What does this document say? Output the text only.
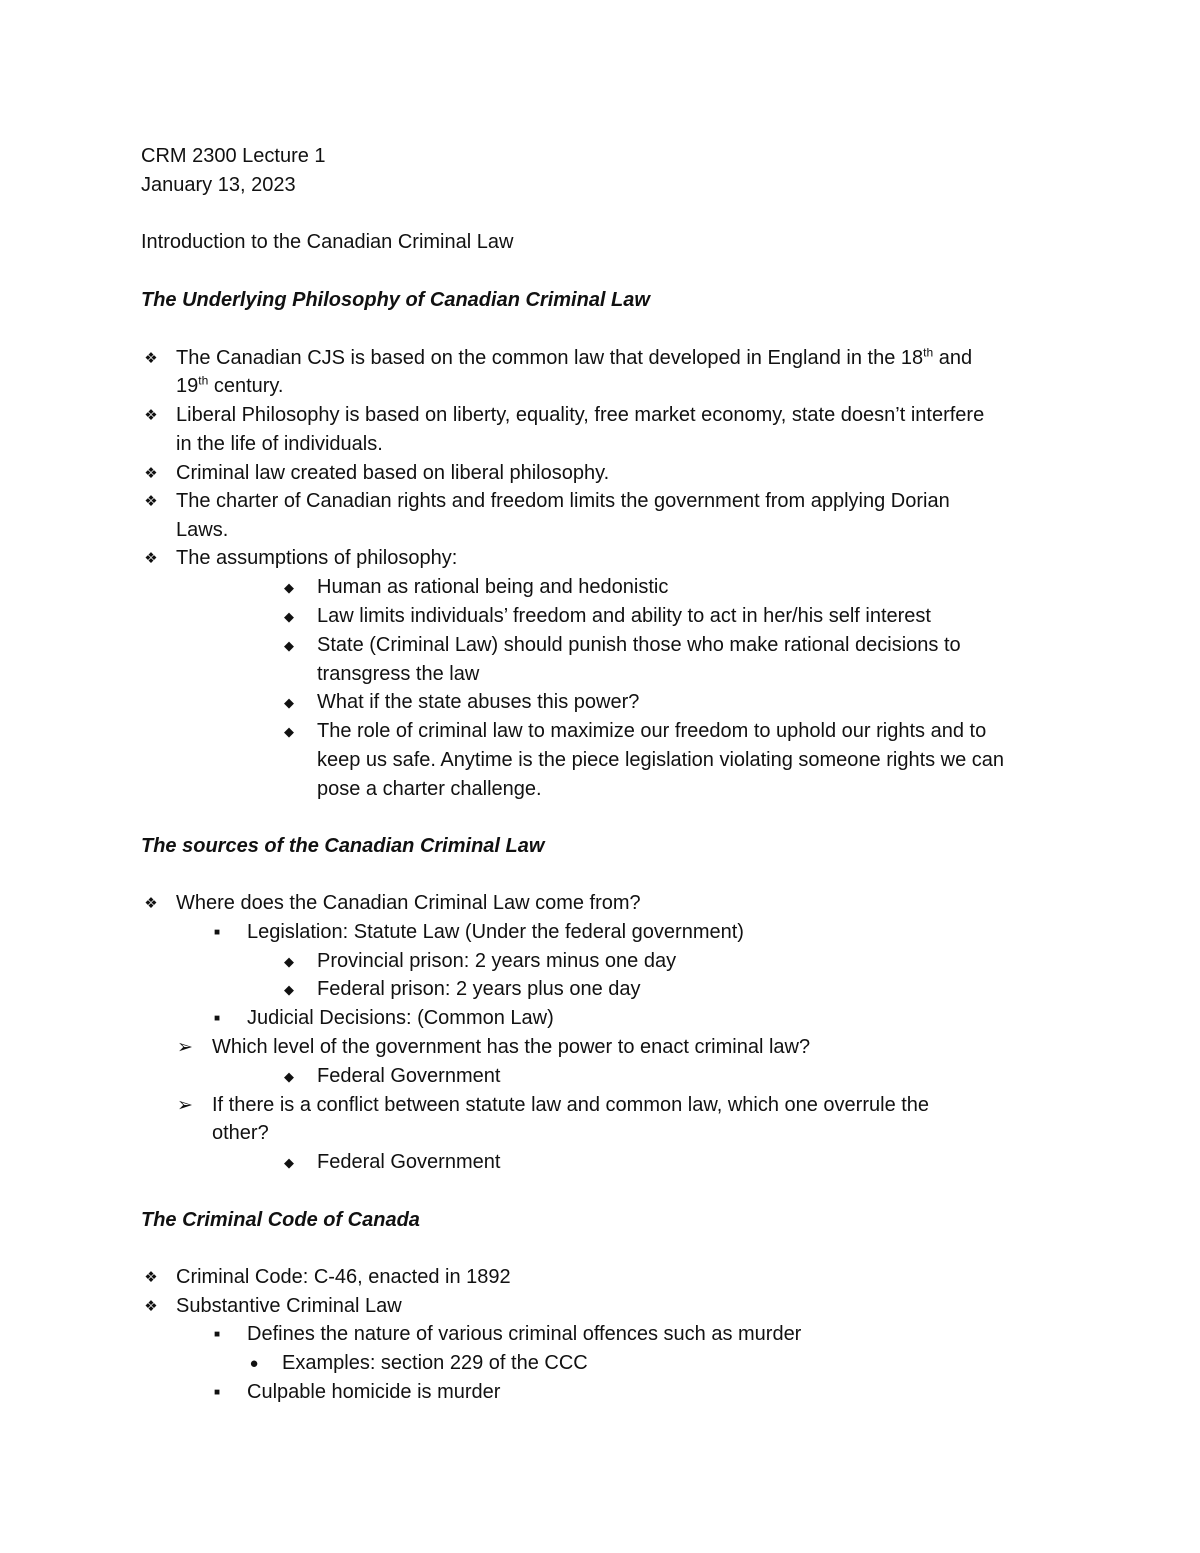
CRM 2300 Lecture 1
January 13, 2023
Introduction to the Canadian Criminal Law
The Underlying Philosophy of Canadian Criminal Law
❖ The Canadian CJS is based on the common law that developed in England in the 18th and
19th century.
❖ Liberal Philosophy is based on liberty, equality, free market economy, state doesn’t interfere
in the life of individuals.
❖ Criminal law created based on liberal philosophy.
❖ The charter of Canadian rights and freedom limits the government from applying Dorian
Laws.
❖ The assumptions of philosophy:
◆ Human as rational being and hedonistic
◆ Law limits individuals’ freedom and ability to act in her/his self interest
◆ State (Criminal Law) should punish those who make rational decisions to
transgress the law
◆ What if the state abuses this power?
◆ The role of criminal law to maximize our freedom to uphold our rights and to
keep us safe. Anytime is the piece legislation violating someone rights we can
pose a charter challenge.
The sources of the Canadian Criminal Law
❖ Where does the Canadian Criminal Law come from?
■	Legislation: Statute Law (Under the federal government)
◆ Provincial prison: 2 years minus one day
◆ Federal prison: 2 years plus one day
■	Judicial Decisions: (Common Law)
➢ Which level of the government has the power to enact criminal law?
◆ Federal Government
➢ If there is a conflict between statute law and common law, which one overrule the
other?
◆ Federal Government
The Criminal Code of Canada
❖ Criminal Code: C-46, enacted in 1892
❖ Substantive Criminal Law
■	Defines the nature of various criminal offences such as murder
● Examples: section 229 of the CCC
■	Culpable homicide is murder
